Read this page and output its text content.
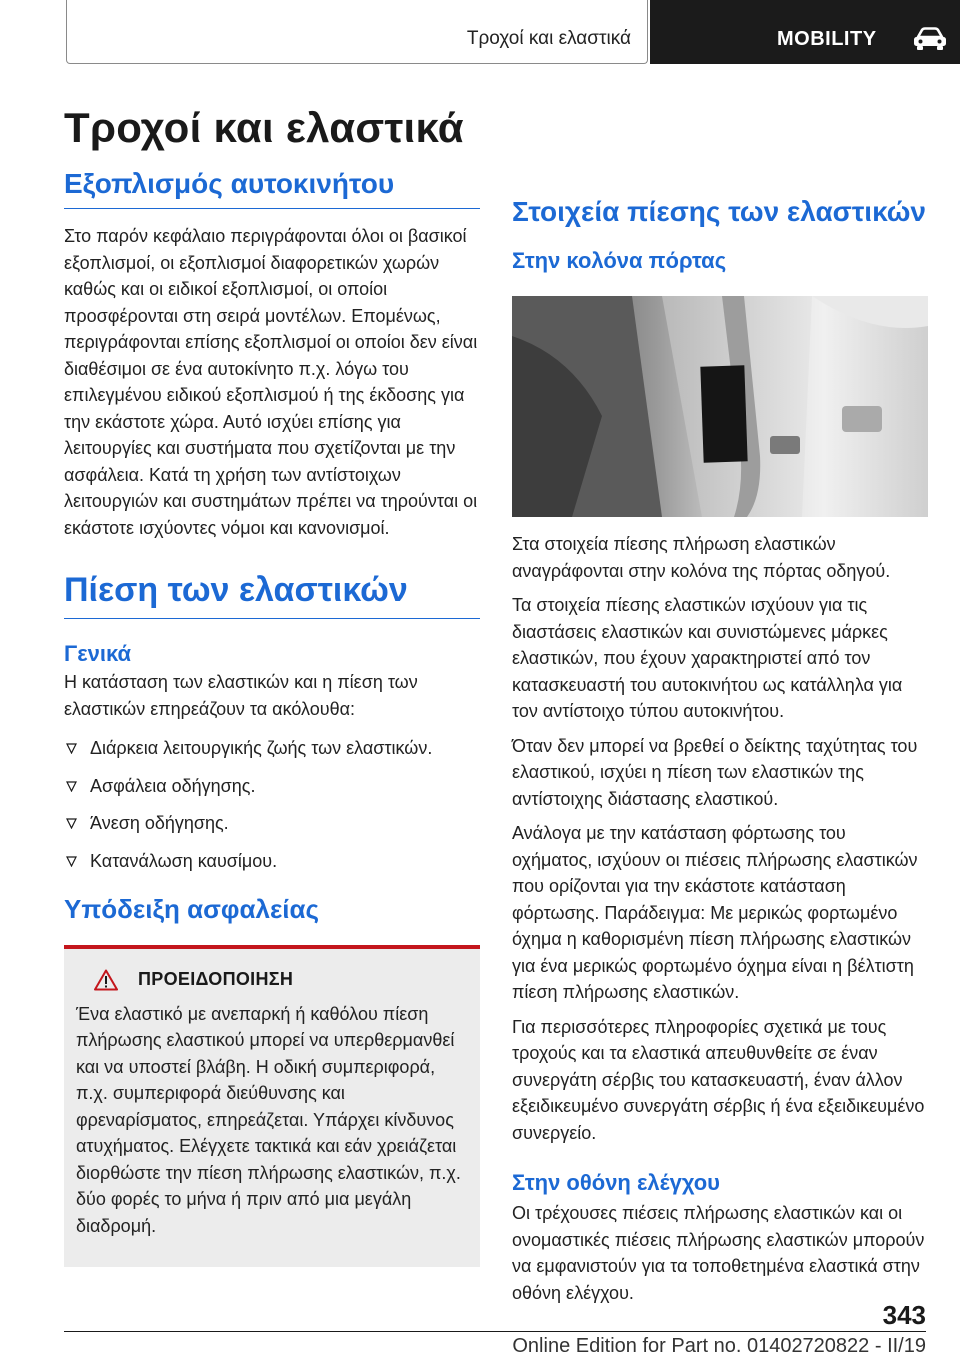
Τροχοί και ελαστικά	MOBILITY
Τροχοί και ελαστικά
Εξοπλισμός αυτοκινήτου

Στο παρόν κεφάλαιο περιγράφονται όλοι οι βασικοί εξοπλισμοί, οι εξοπλισμοί διαφορετικών χωρών καθώς και οι ειδικοί εξοπλισμοί, οι οποίοι προσφέρονται στη σειρά μοντέλων. Επομένως, περιγράφονται επίσης εξοπλισμοί οι οποίοι δεν είναι διαθέσιμοι σε ένα αυτοκίνητο π.χ. λόγω του επιλεγμένου ειδικού εξοπλισμού ή της έκδοσης για την εκάστοτε χώρα. Αυτό ισχύει επίσης για λειτουργίες και συστήματα που σχετίζονται με την ασφάλεια. Κατά τη χρήση των αντίστοιχων λειτουργιών και συστημάτων πρέπει να τηρούνται οι εκάστοτε ισχύοντες νόμοι και κανονισμοί.

Πίεση των ελαστικών
Γενικά

Η κατάσταση των ελαστικών και η πίεση των ελαστικών επηρεάζουν τα ακόλουθα:

Διάρκεια λειτουργικής ζωής των ελαστικών.
Ασφάλεια οδήγησης.
Άνεση οδήγησης.
Κατανάλωση καυσίμου.
Υπόδειξη ασφαλείας
ΠΡΟΕΙΔΟΠΟΙΗΣΗ

Ένα ελαστικό με ανεπαρκή ή καθόλου πίεση πλήρωσης ελαστικού μπορεί να υπερθερμανθεί και να υποστεί βλάβη. Η οδική συμπεριφορά, π.χ. συμπεριφορά διεύθυνσης και φρεναρίσματος, επηρεάζεται. Υπάρχει κίνδυνος ατυχήματος. Ελέγχετε τακτικά και εάν χρειάζεται διορθώστε την πίεση πλήρωσης ελαστικών, π.χ. δύο φορές το μήνα ή πριν από μια μεγάλη διαδρομή.

Στοιχεία πίεσης των ελαστικών
Στην κολόνα πόρτας

Στα στοιχεία πίεσης πλήρωση ελαστικών αναγράφονται στην κολόνα της πόρτας οδηγού.

Τα στοιχεία πίεσης ελαστικών ισχύουν για τις διαστάσεις ελαστικών και συνιστώμενες μάρκες ελαστικών, που έχουν χαρακτηριστεί από τον κατασκευαστή του αυτοκινήτου ως κατάλληλα για τον αντίστοιχο τύπου αυτοκινήτου.

Όταν δεν μπορεί να βρεθεί ο δείκτης ταχύτητας του ελαστικού, ισχύει η πίεση των ελαστικών της αντίστοιχης διάστασης ελαστικού.

Ανάλογα με την κατάσταση φόρτωσης του οχήματος, ισχύουν οι πιέσεις πλήρωσης ελαστικών που ορίζονται για την εκάστοτε κατάσταση φόρτωσης. Παράδειγμα: Με μερικώς φορτωμένο όχημα η καθορισμένη πίεση πλήρωσης ελαστικών για ένα μερικώς φορτωμένο όχημα είναι η βέλτιστη πίεση πλήρωσης ελαστικών.

Για περισσότερες πληροφορίες σχετικά με τους τροχούς και τα ελαστικά απευθυνθείτε σε έναν συνεργάτη σέρβις του κατασκευαστή, έναν άλλον εξειδικευμένο συνεργάτη σέρβις ή ένα εξειδικευμένο συνεργείο.

Στην οθόνη ελέγχου

Οι τρέχουσες πιέσεις πλήρωσης ελαστικών και οι ονομαστικές πιέσεις πλήρωσης ελαστικών μπορούν να εμφανιστούν για τα τοποθετημένα ελαστικά στην οθόνη ελέγχου.

343
Online Edition for Part no. 01402720822 - II/19
